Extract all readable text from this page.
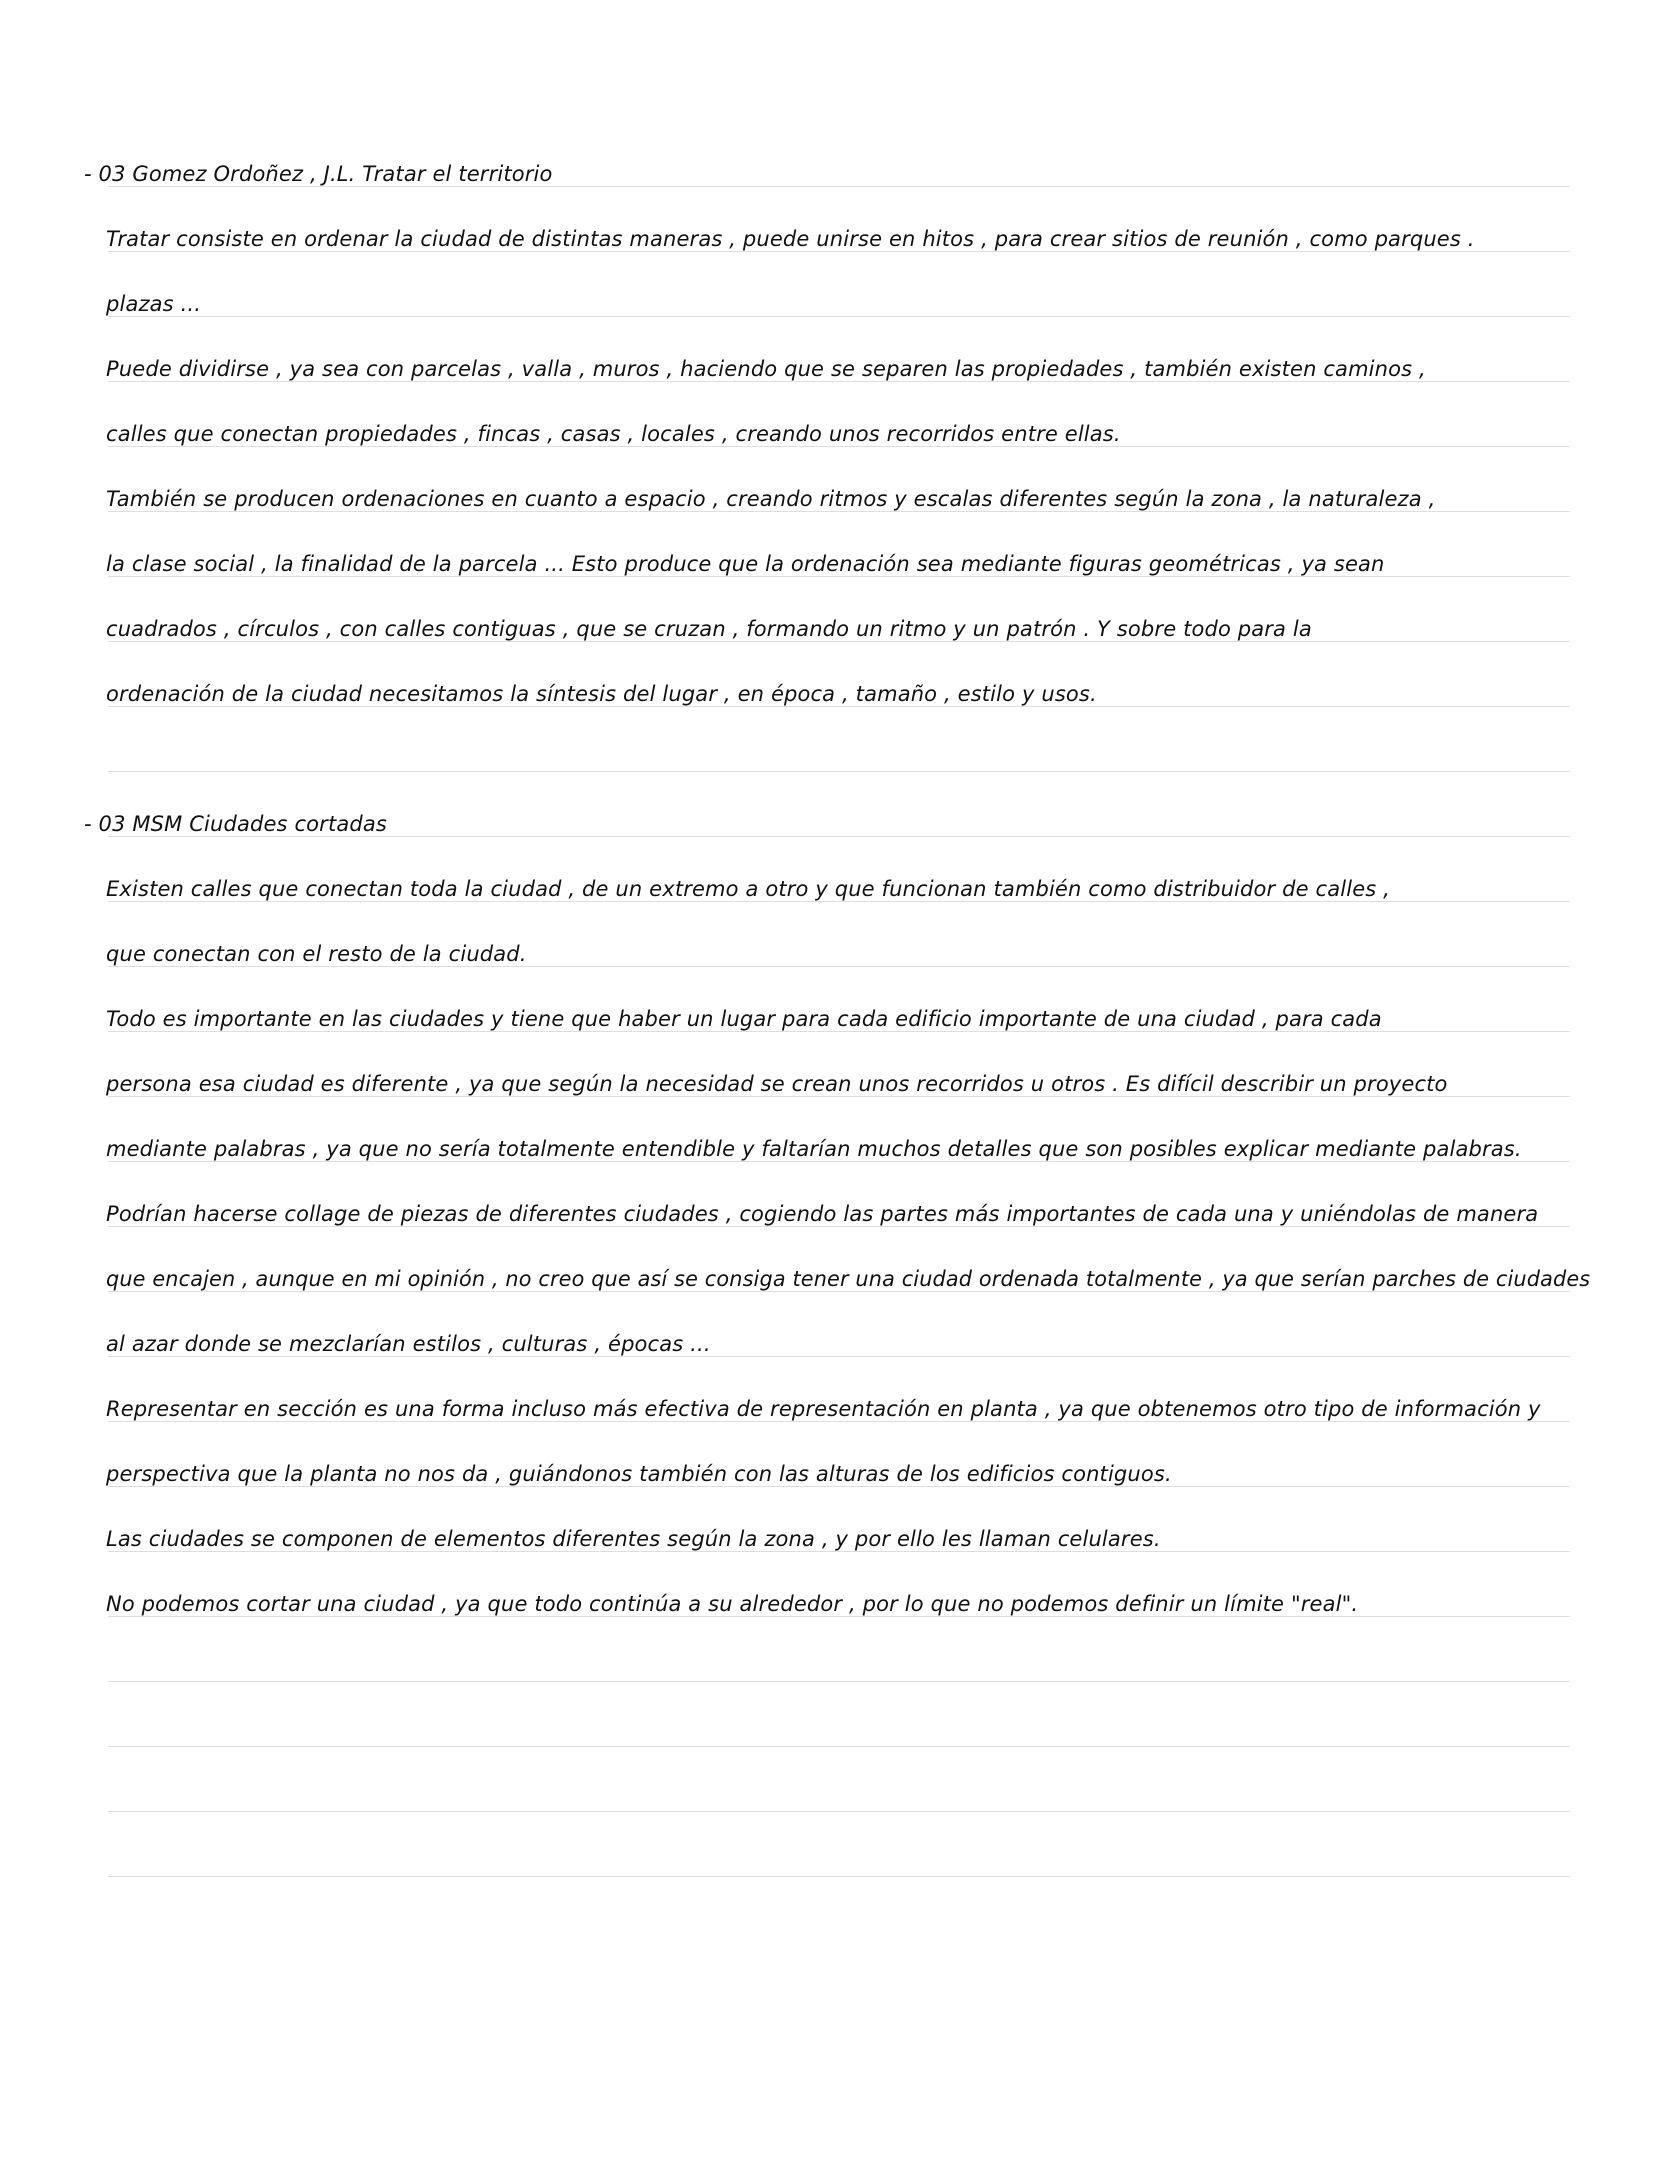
- 03 Gomez Ordoñez , J.L. Tratar el territorio
Tratar consiste en ordenar la ciudad de distintas maneras , puede unirse en hitos , para crear sitios de reunión , como parques .
plazas ...
Puede dividirse , ya sea con parcelas , valla , muros , haciendo que se separen las propiedades , también existen caminos ,
calles que conectan propiedades , fincas , casas , locales , creando unos recorridos entre ellas.
También se producen ordenaciones en cuanto a espacio , creando ritmos y escalas diferentes según la zona , la naturaleza ,
la clase social , la finalidad de la parcela ... Esto produce que la ordenación sea mediante figuras geométricas , ya sean
cuadrados , círculos , con calles contiguas , que se cruzan , formando un ritmo y un patrón . Y sobre todo para la
ordenación de la ciudad necesitamos la síntesis del lugar , en época , tamaño , estilo y usos.
- 03 MSM Ciudades cortadas
Existen calles que conectan toda la ciudad , de un extremo a otro y que funcionan también como distribuidor de calles ,
que conectan con el resto de la ciudad.
Todo es importante en las ciudades y tiene que haber un lugar para cada edificio importante de una ciudad , para cada
persona esa ciudad es diferente , ya que según la necesidad se crean unos recorridos u otros . Es difícil describir un proyecto
mediante palabras , ya que no sería totalmente entendible y faltarían muchos detalles que son posibles explicar mediante palabras.
Podrían hacerse collage de piezas de diferentes ciudades , cogiendo las partes más importantes de cada una y uniéndolas de manera
que encajen , aunque en mi opinión , no creo que así se consiga tener una ciudad ordenada totalmente , ya que serían parches de ciudades
al azar donde se mezclarían estilos , culturas , épocas ...
Representar en sección es una forma incluso más efectiva de representación en planta , ya que obtenemos otro tipo de información y
perspectiva que la planta no nos da , guiándonos también con las alturas de los edificios contiguos.
Las ciudades se componen de elementos diferentes según la zona , y por ello les llaman celulares.
No podemos cortar una ciudad , ya que todo continúa a su alrededor , por lo que no podemos definir un límite "real".
